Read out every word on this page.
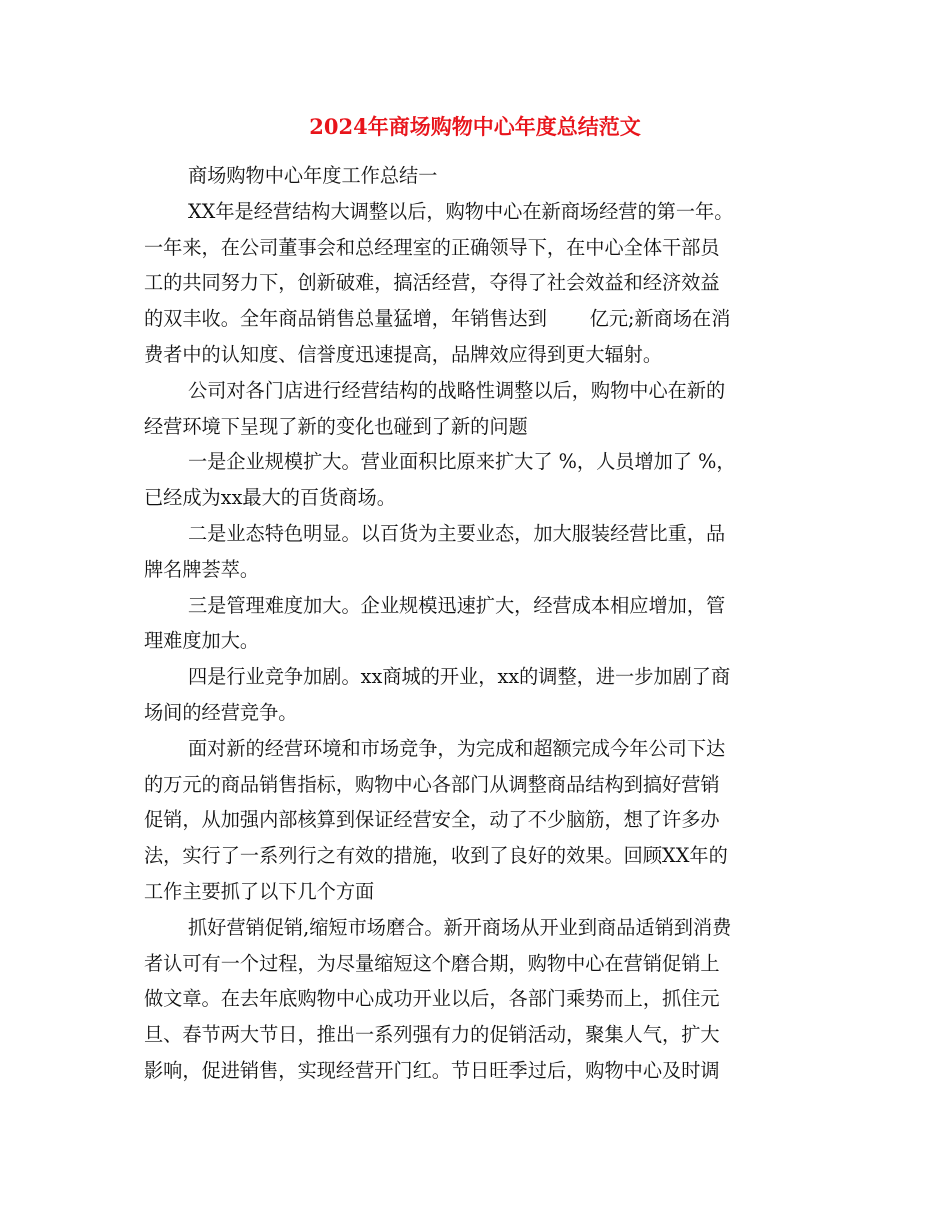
2024年商场购物中心年度总结范文

商场购物中心年度工作总结一

XX年是经营结构大调整以后，购物中心在新商场经营的第一年。

一年来，在公司董事会和总经理室的正确领导下，在中心全体干部员

工的共同努力下，创新破难，搞活经营，夺得了社会效益和经济效益

的双丰收。全年商品销售总量猛增，年销售达到       亿元;新商场在消

费者中的认知度、信誉度迅速提高，品牌效应得到更大辐射。

公司对各门店进行经营结构的战略性调整以后，购物中心在新的

经营环境下呈现了新的变化也碰到了新的问题

一是企业规模扩大。营业面积比原来扩大了 %，人员增加了 %，

已经成为xx最大的百货商场。

二是业态特色明显。以百货为主要业态，加大服装经营比重，品

牌名牌荟萃。

三是管理难度加大。企业规模迅速扩大，经营成本相应增加，管

理难度加大。

四是行业竞争加剧。xx商城的开业，xx的调整，进一步加剧了商

场间的经营竞争。

面对新的经营环境和市场竞争，为完成和超额完成今年公司下达

的万元的商品销售指标，购物中心各部门从调整商品结构到搞好营销

促销，从加强内部核算到保证经营安全，动了不少脑筋，想了许多办

法，实行了一系列行之有效的措施，收到了良好的效果。回顾XX年的

工作主要抓了以下几个方面

抓好营销促销,缩短市场磨合。新开商场从开业到商品适销到消费

者认可有一个过程，为尽量缩短这个磨合期，购物中心在营销促销上

做文章。在去年底购物中心成功开业以后，各部门乘势而上，抓住元

旦、春节两大节日，推出一系列强有力的促销活动，聚集人气，扩大

影响，促进销售，实现经营开门红。节日旺季过后，购物中心及时调
